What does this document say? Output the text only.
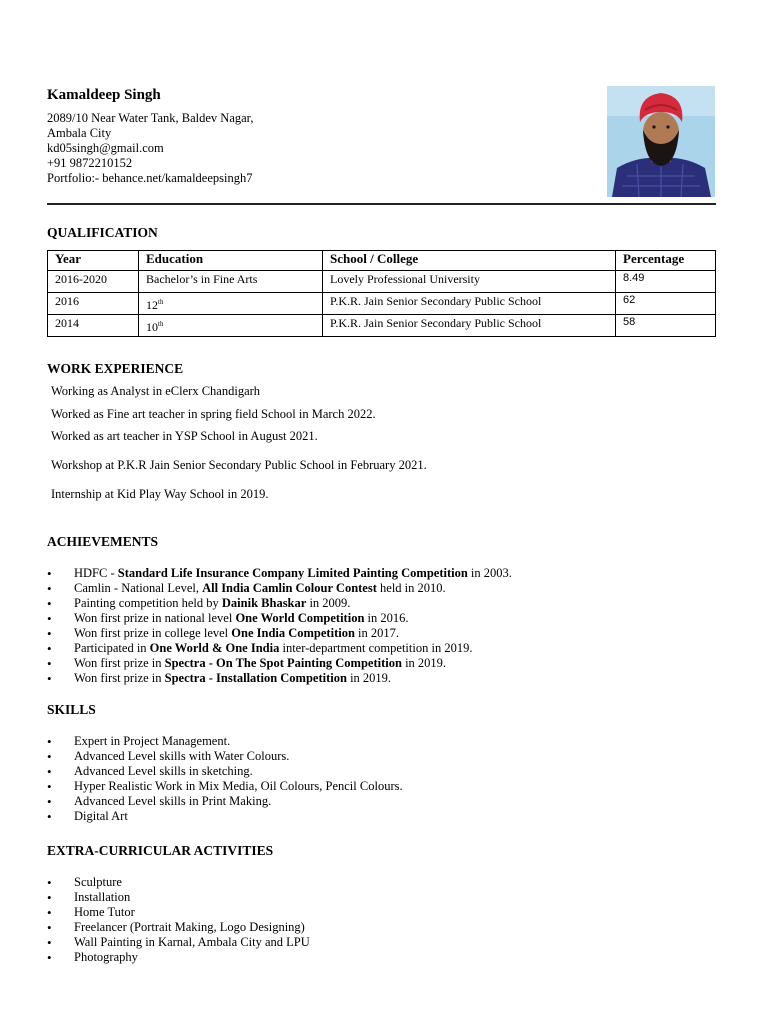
Kamaldeep Singh
2089/10 Near Water Tank, Baldev Nagar,
Ambala City
kd05singh@gmail.com
+91 9872210152
Portfolio:- behance.net/kamaldeepsingh7
QUALIFICATION
Year	Education	School / College	Percentage
2016-2020	Bachelor’s in Fine Arts	Lovely Professional University	8.49
2016	12th	P.K.R. Jain Senior Secondary Public School	62
2014	10th	P.K.R. Jain Senior Secondary Public School	58
WORK EXPERIENCE
Working as Analyst in eClerx Chandigarh
Worked as Fine art teacher in spring field School in March 2022.
Worked as art teacher in YSP School in August 2021.
Workshop at P.K.R Jain Senior Secondary Public School in February 2021.
Internship at Kid Play Way School in 2019.
ACHIEVEMENTS
• HDFC - Standard Life Insurance Company Limited Painting Competition in 2003.
• Camlin - National Level, All India Camlin Colour Contest held in 2010.
• Painting competition held by Dainik Bhaskar in 2009.
• Won first prize in national level One World Competition in 2016.
• Won first prize in college level One India Competition in 2017.
• Participated in One World & One India inter-department competition in 2019.
• Won first prize in Spectra - On The Spot Painting Competition in 2019.
• Won first prize in Spectra - Installation Competition in 2019.
SKILLS
• Expert in Project Management.
• Advanced Level skills with Water Colours.
• Advanced Level skills in sketching.
• Hyper Realistic Work in Mix Media, Oil Colours, Pencil Colours.
• Advanced Level skills in Print Making.
• Digital Art
EXTRA-CURRICULAR ACTIVITIES
• Sculpture
• Installation
• Home Tutor
• Freelancer (Portrait Making, Logo Designing)
• Wall Painting in Karnal, Ambala City and LPU
• Photography
